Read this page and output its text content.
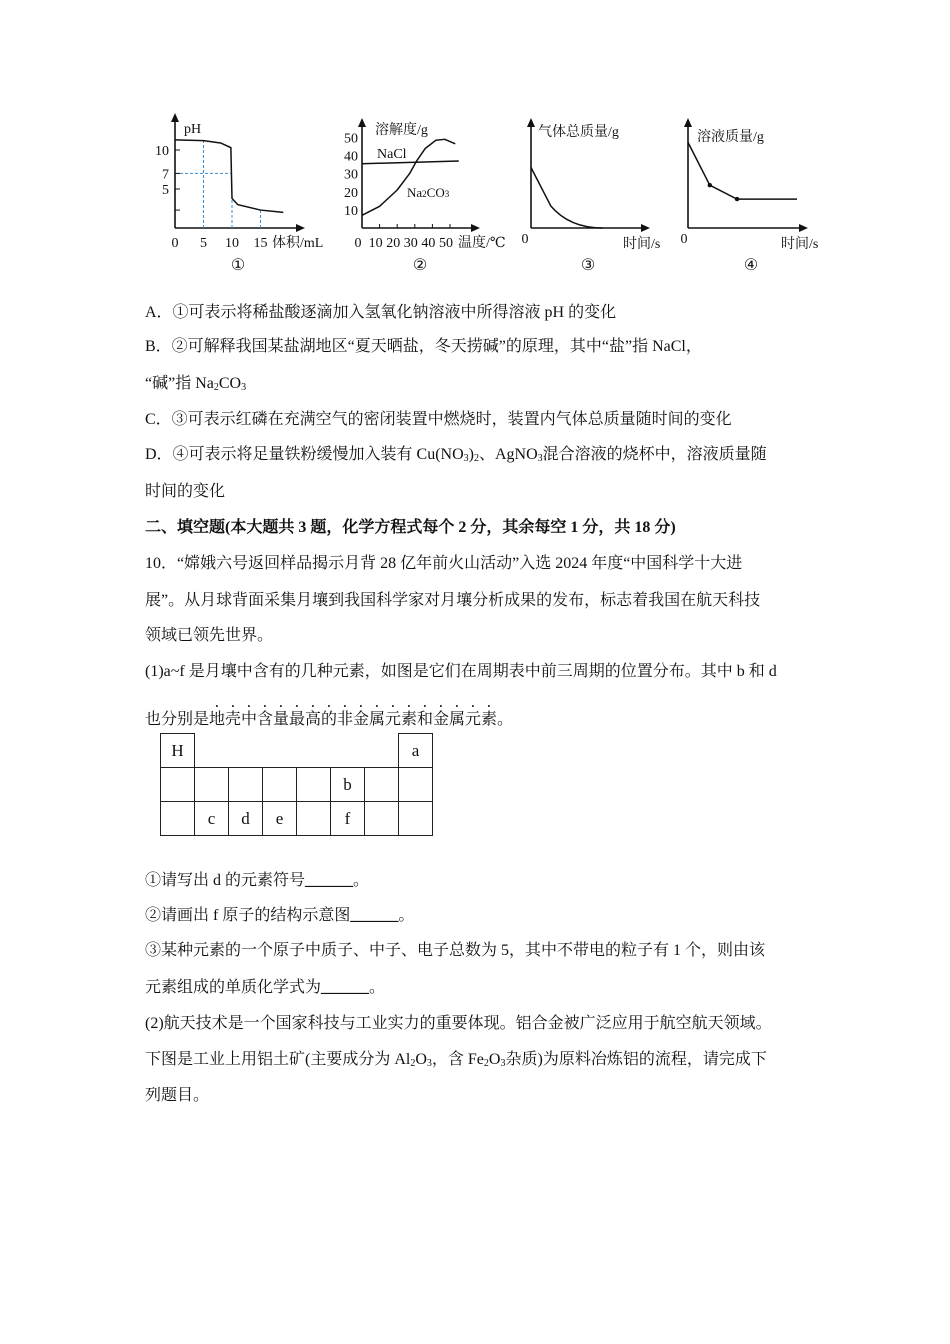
5
7
10
0 5 10 15
pH
体积/mL
①
0 10 20 30 40 50
10
20
30
40
50
NaCl
Na2CO3
溶解度/g
温度/℃
②
气体总质量/g
0	时间/s
③
溶液质量/g
0	时间/s
④
A．①可表示将稀盐酸逐滴加入氢氧化钠溶液中所得溶液 pH 的变化
B．②可解释我国某盐湖地区“夏天晒盐，冬天捞碱”的原理，其中“盐”指 NaCl，
“碱”指 $Na_2CO_3$
C．③可表示红磷在充满空气的密闭装置中燃烧时，装置内气体总质量随时间的变化
D．④可表示将足量铁粉缓慢加入装有 $Cu(NO_3)_2$、AgNO$_3$混合溶液的烧杯中，溶液质量随
时间的变化
二、填空题(本大题共 3 题，化学方程式每个 2 分，其余每空 1 分，共 18 分)
10．“嫦娥六号返回样品揭示月背 28 亿年前火山活动”入选 2024 年度“中国科学十大进
展”。从月球背面采集月壤到我国科学家对月壤分析成果的发布，标志着我国在航天科技
领域已领先世界。
(1)a~f 是月壤中含有的几种元素，如图是它们在周期表中前三周期的位置分布。其中 b 和 d
也分别是地壳中含量最高的非金属元素和金属元素。
①请写出 d 的元素符号______。
②请画出 f 原子的结构示意图______。
③某种元素的一个原子中质子、中子、电子总数为 5，其中不带电的粒子有 1 个，则由该
元素组成的单质化学式为______。
(2)航天技术是一个国家科技与工业实力的重要体现。铝合金被广泛应用于航空航天领域。
下图是工业上用铝土矿(主要成分为 $Al_2O_3$，含 $Fe_2O_3$杂质)为原料冶炼铝的流程，请完成下
列题目。
H							a
					b		
	c	d	e		f		
